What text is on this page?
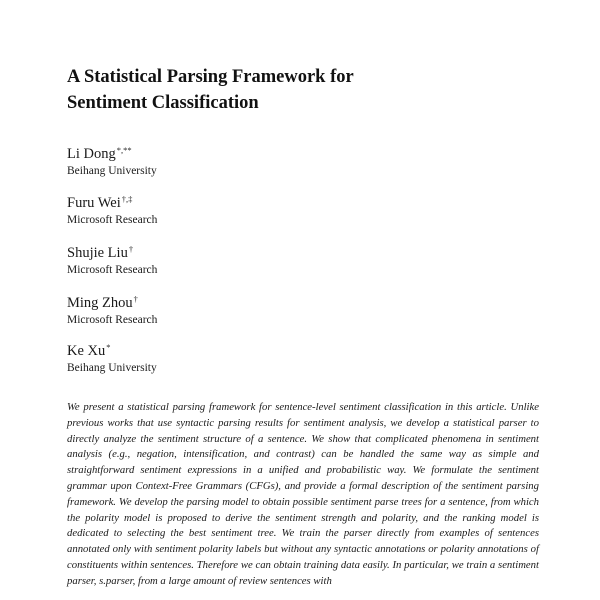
A Statistical Parsing Framework for
Sentiment Classification
Li Dong*,**
Beihang University
Furu Wei†,‡
Microsoft Research
Shujie Liu†
Microsoft Research
Ming Zhou†
Microsoft Research
Ke Xu*
Beihang University

We present a statistical parsing framework for sentence-level sentiment classification in this article. Unlike previous works that use syntactic parsing results for sentiment analysis, we develop a statistical parser to directly analyze the sentiment structure of a sentence. We show that complicated phenomena in sentiment analysis (e.g., negation, intensification, and contrast) can be handled the same way as simple and straightforward sentiment expressions in a unified and probabilistic way. We formulate the sentiment grammar upon Context-Free Grammars (CFGs), and provide a formal description of the sentiment parsing framework. We develop the parsing model to obtain possible sentiment parse trees for a sentence, from which the polarity model is proposed to derive the sentiment strength and polarity, and the ranking model is dedicated to selecting the best sentiment tree. We train the parser directly from examples of sentences annotated only with sentiment polarity labels but without any syntactic annotations or polarity annotations of constituents within sentences. Therefore we can obtain training data easily. In particular, we train a sentiment parser, s.parser, from a large amount of review sentences with
